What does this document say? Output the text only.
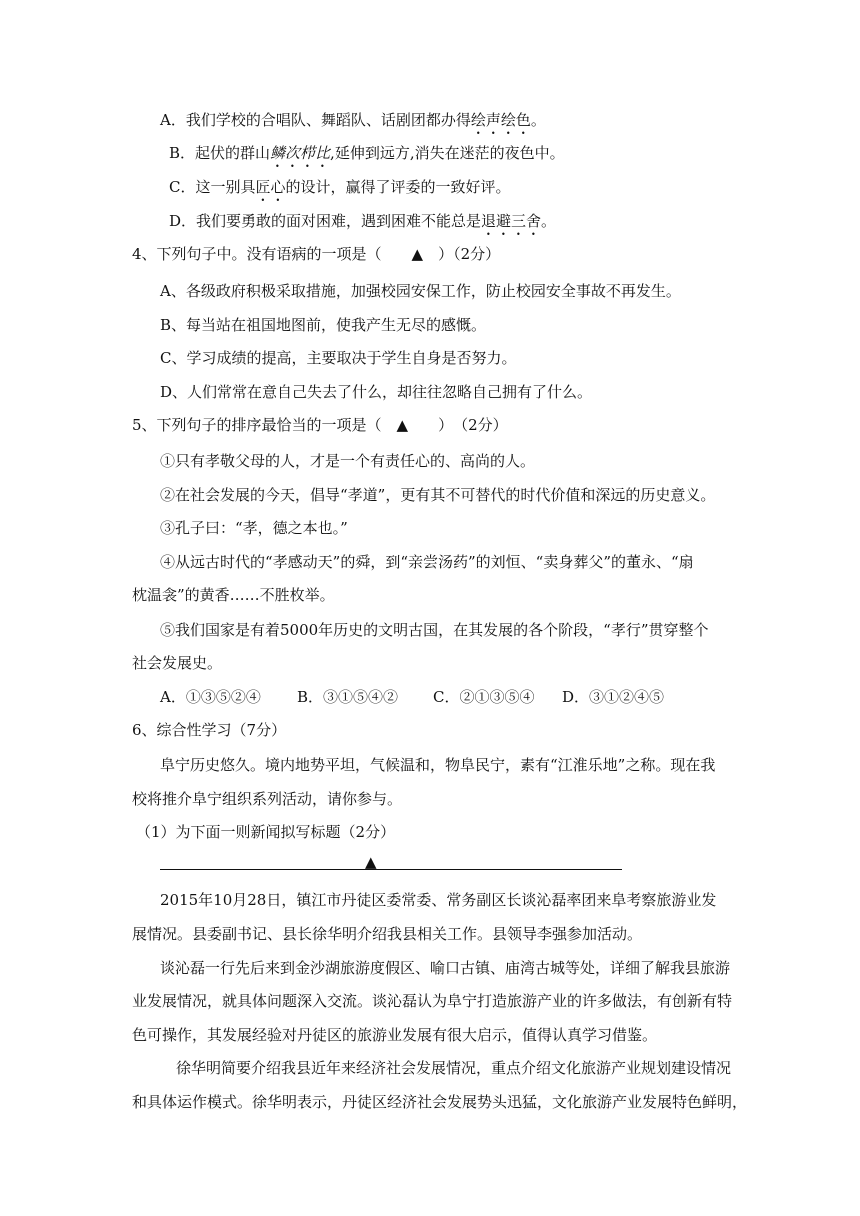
A．我们学校的合唱队、舞蹈队、话剧团都办得绘声绘色。
B．起伏的群山鳞次栉比,延伸到远方,消失在迷茫的夜色中。
C．这一别具匠心的设计，赢得了评委的一致好评。
D．我们要勇敢的面对困难，遇到困难不能总是退避三舍。
4、下列句子中。没有语病的一项是（　　▲　）（2分）
A、各级政府积极采取措施，加强校园安保工作，防止校园安全事故不再发生。
B、每当站在祖国地图前，使我产生无尽的感慨。
C、学习成绩的提高，主要取决于学生自身是否努力。
D、人们常常在意自己失去了什么，却往往忽略自己拥有了什么。
5、下列句子的排序最恰当的一项是（　▲　　）　（2分）
①只有孝敬父母的人，才是一个有责任心的、高尚的人。
②在社会发展的今天，倡导“孝道”，更有其不可替代的时代价值和深远的历史意义。
③孔子曰：“孝，德之本也。”
④从远古时代的“孝感动天”的舜，到“亲尝汤药”的刘恒、“卖身葬父”的董永、“扇
枕温衾”的黄香……不胜枚举。
⑤我们国家是有着5000年历史的文明古国，在其发展的各个阶段，“孝行”贯穿整个
社会发展史。
A．①③⑤②④ B．③①⑤④② C．②①③⑤④ D．③①②④⑤
6、综合性学习（7分）
阜宁历史悠久。境内地势平坦，气候温和，物阜民宁，素有“江淮乐地”之称。现在我
校将推介阜宁组织系列活动，请你参与。
（1）为下面一则新闻拟写标题（2分）
▲
2015年10月28日，镇江市丹徒区委常委、常务副区长谈沁磊率团来阜考察旅游业发
展情况。县委副书记、县长徐华明介绍我县相关工作。县领导李强参加活动。
谈沁磊一行先后来到金沙湖旅游度假区、喻口古镇、庙湾古城等处，详细了解我县旅游
业发展情况，就具体问题深入交流。谈沁磊认为阜宁打造旅游产业的许多做法，有创新有特
色可操作，其发展经验对丹徒区的旅游业发展有很大启示，值得认真学习借鉴。
徐华明简要介绍我县近年来经济社会发展情况，重点介绍文化旅游产业规划建设情况
和具体运作模式。徐华明表示，丹徒区经济社会发展势头迅猛，文化旅游产业发展特色鲜明，
